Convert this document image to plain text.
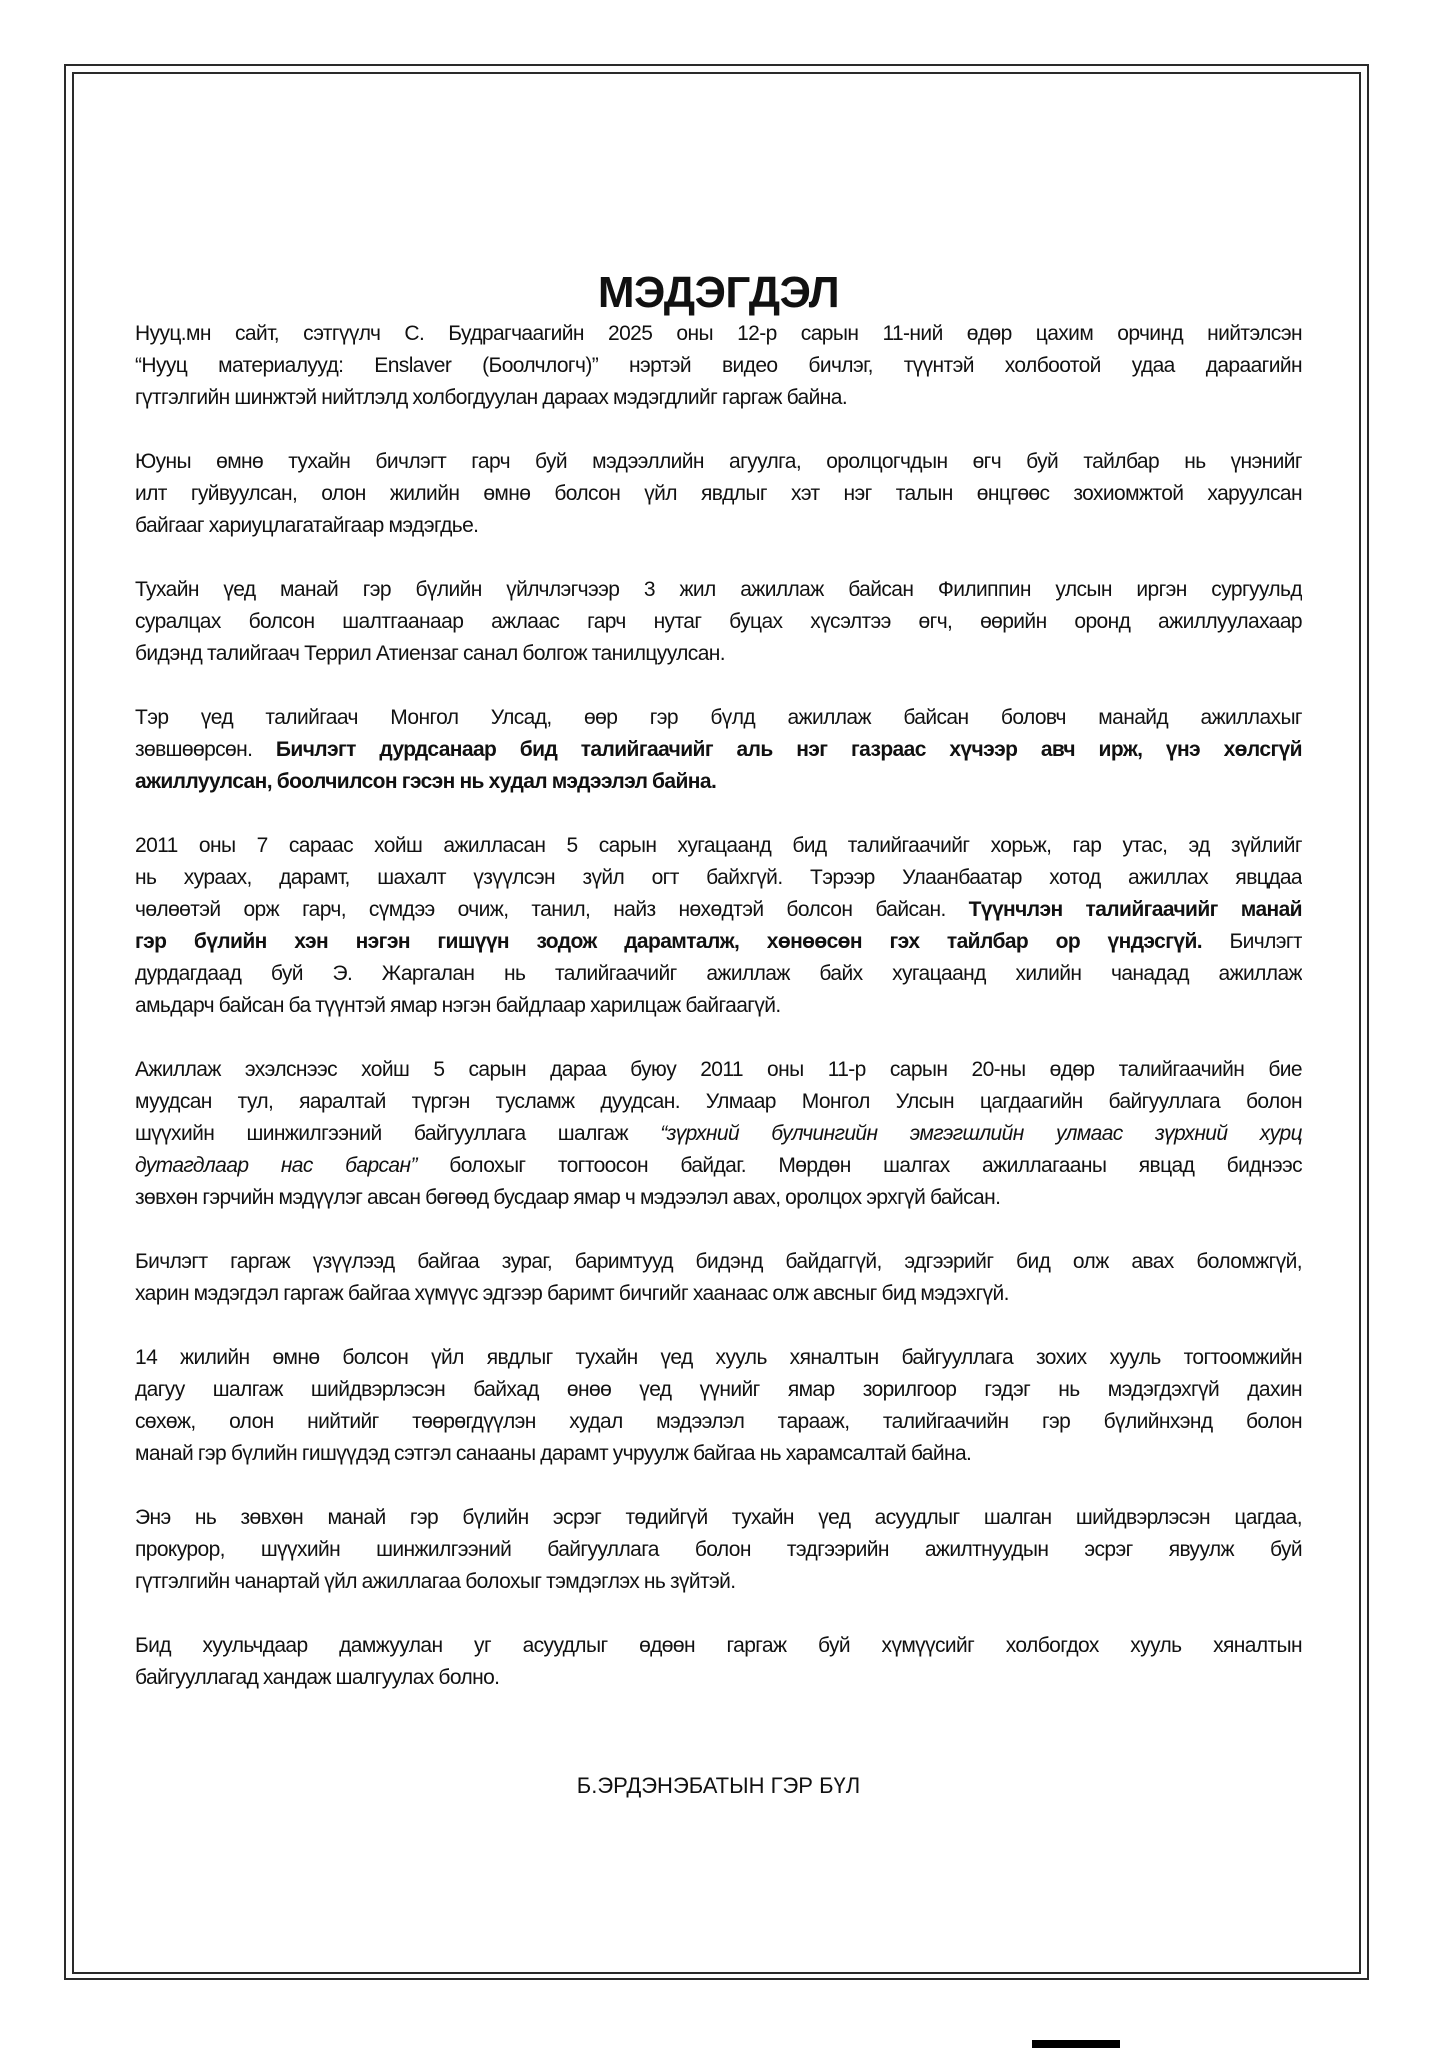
МЭДЭГДЭЛ

Нууц.мн сайт, сэтгүүлч С. Будрагчаагийн 2025 оны 12-р сарын 11-ний өдөр цахим орчинд нийтэлсэн
“Нууц материалууд: Enslaver (Боолчлогч)” нэртэй видео бичлэг, түүнтэй холбоотой удаа дараагийн
гүтгэлгийн шинжтэй нийтлэлд холбогдуулан дараах мэдэгдлийг гаргаж байна.

Юуны өмнө тухайн бичлэгт гарч буй мэдээллийн агуулга, оролцогчдын өгч буй тайлбар нь үнэнийг
илт гуйвуулсан, олон жилийн өмнө болсон үйл явдлыг хэт нэг талын өнцгөөс зохиомжтой харуулсан
байгааг хариуцлагатайгаар мэдэгдье.

Тухайн үед манай гэр бүлийн үйлчлэгчээр 3 жил ажиллаж байсан Филиппин улсын иргэн сургуульд
суралцах болсон шалтгаанаар ажлаас гарч нутаг буцах хүсэлтээ өгч, өөрийн оронд ажиллуулахаар
бидэнд талийгаач Террил Атиензаг санал болгож танилцуулсан.

Тэр үед талийгаач Монгол Улсад, өөр гэр бүлд ажиллаж байсан боловч манайд ажиллахыг
зөвшөөрсөн. Бичлэгт дурдсанаар бид талийгаачийг аль нэг газраас хүчээр авч ирж, үнэ хөлсгүй
ажиллуулсан, боолчилсон гэсэн нь худал мэдээлэл байна.

2011 оны 7 сараас хойш ажилласан 5 сарын хугацаанд бид талийгаачийг хорьж, гар утас, эд зүйлийг
нь хураах, дарамт, шахалт үзүүлсэн зүйл огт байхгүй. Тэрээр Улаанбаатар хотод ажиллах явцдаа
чөлөөтэй орж гарч, сүмдээ очиж, танил, найз нөхөдтэй болсон байсан. Түүнчлэн талийгаачийг манай
гэр бүлийн хэн нэгэн гишүүн зодож дарамталж, хөнөөсөн гэх тайлбар ор үндэсгүй. Бичлэгт
дурдагдаад буй Э. Жаргалан нь талийгаачийг ажиллаж байх хугацаанд хилийн чанадад ажиллаж
амьдарч байсан ба түүнтэй ямар нэгэн байдлаар харилцаж байгаагүй.

Ажиллаж эхэлснээс хойш 5 сарын дараа буюу 2011 оны 11-р сарын 20-ны өдөр талийгаачийн бие
муудсан тул, яаралтай түргэн тусламж дуудсан. Улмаар Монгол Улсын цагдаагийн байгууллага болон
шүүхийн шинжилгээний байгууллага шалгаж “зүрхний булчингийн эмгэгшлийн улмаас зүрхний хурц
дутагдлаар нас барсан” болохыг тогтоосон байдаг. Мөрдөн шалгах ажиллагааны явцад биднээс
зөвхөн гэрчийн мэдүүлэг авсан бөгөөд бусдаар ямар ч мэдээлэл авах, оролцох эрхгүй байсан.

Бичлэгт гаргаж үзүүлээд байгаа зураг, баримтууд бидэнд байдаггүй, эдгээрийг бид олж авах боломжгүй,
харин мэдэгдэл гаргаж байгаа хүмүүс эдгээр баримт бичгийг хаанаас олж авсныг бид мэдэхгүй.

14 жилийн өмнө болсон үйл явдлыг тухайн үед хууль хяналтын байгууллага зохих хууль тогтоомжийн
дагуу шалгаж шийдвэрлэсэн байхад өнөө үед үүнийг ямар зорилгоор гэдэг нь мэдэгдэхгүй дахин
сөхөж, олон нийтийг төөрөгдүүлэн худал мэдээлэл тарааж, талийгаачийн гэр бүлийнхэнд болон
манай гэр бүлийн гишүүдэд сэтгэл санааны дарамт учруулж байгаа нь харамсалтай байна.

Энэ нь зөвхөн манай гэр бүлийн эсрэг төдийгүй тухайн үед асуудлыг шалган шийдвэрлэсэн цагдаа,
прокурор, шүүхийн шинжилгээний байгууллага болон тэдгээрийн ажилтнуудын эсрэг явуулж буй
гүтгэлгийн чанартай үйл ажиллагаа болохыг тэмдэглэх нь зүйтэй.

Бид хуульчдаар дамжуулан уг асуудлыг өдөөн гаргаж буй хүмүүсийг холбогдох хууль хяналтын
байгууллагад хандаж шалгуулах болно.

Б.ЭРДЭНЭБАТЫН ГЭР БҮЛ
